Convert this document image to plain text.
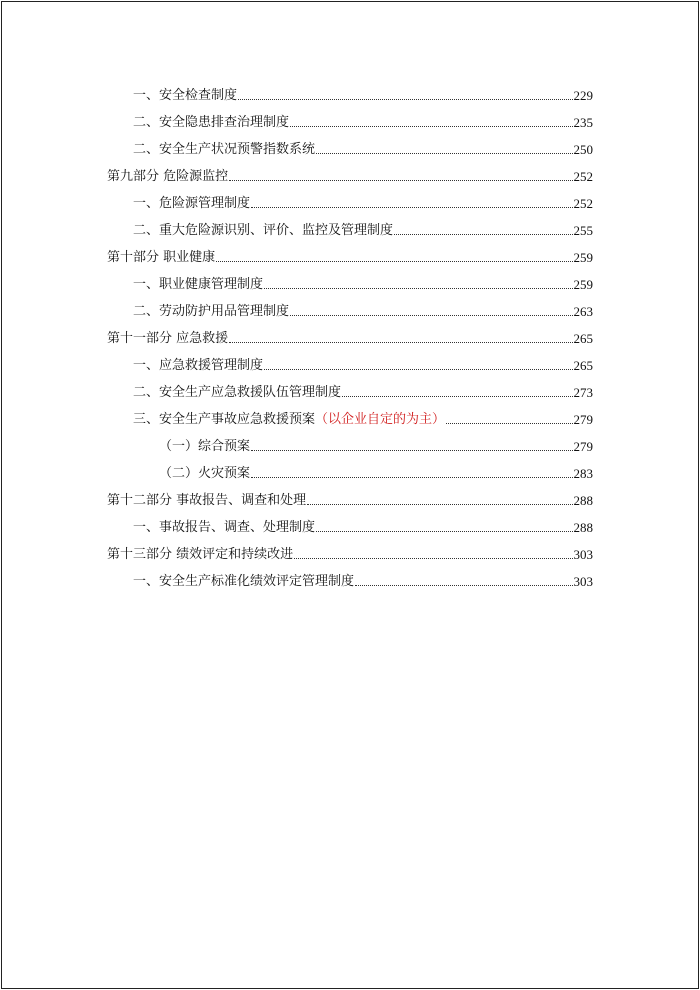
一、安全检查制度	229
二、安全隐患排查治理制度	235
二、安全生产状况预警指数系统	250
第九部分 危险源监控	252
一、危险源管理制度	252
二、重大危险源识别、评价、监控及管理制度	255
第十部分 职业健康	259
一、职业健康管理制度	259
二、劳动防护用品管理制度	263
第十一部分 应急救援	265
一、应急救援管理制度	265
二、安全生产应急救援队伍管理制度	273
三、安全生产事故应急救援预案 （以企业自定的为主）	279
（一）综合预案	279
（二）火灾预案	283
第十二部分 事故报告、调查和处理	288
一、事故报告、调查、处理制度	288
第十三部分 绩效评定和持续改进	303
一、安全生产标准化绩效评定管理制度	303
